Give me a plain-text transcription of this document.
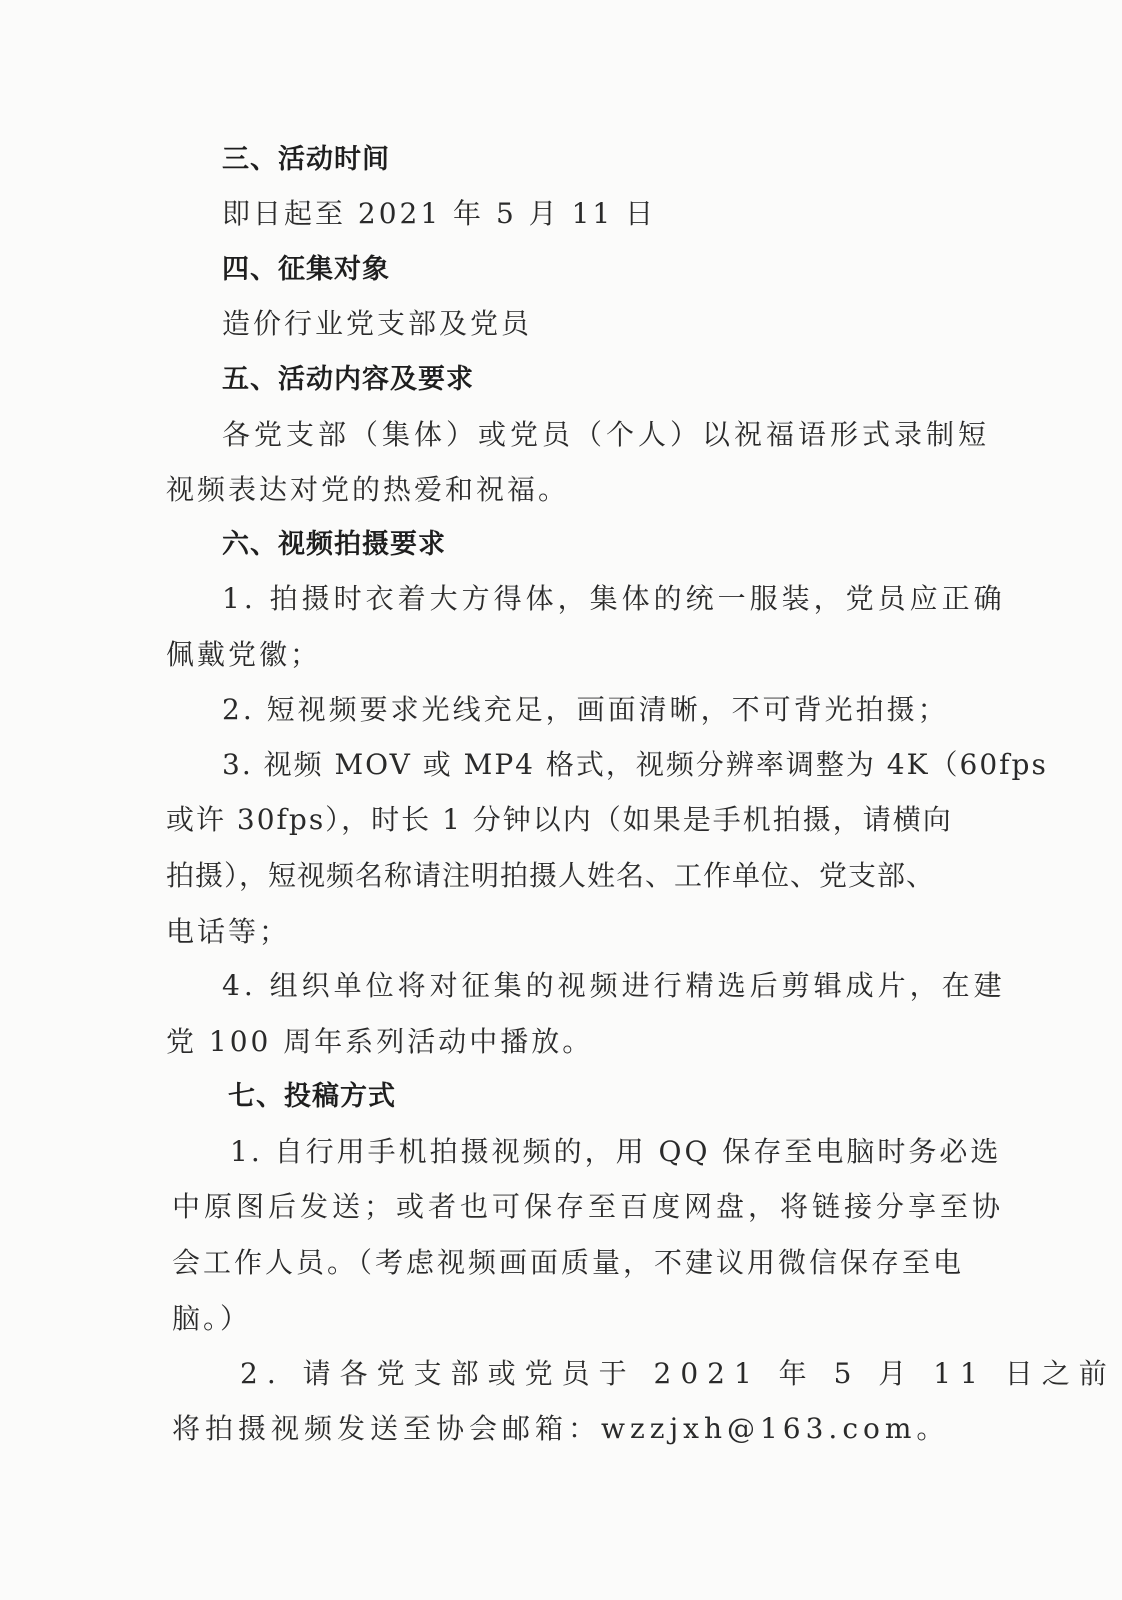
三、活动时间
即日起至 2021 年 5 月 11 日
四、征集对象
造价行业党支部及党员
五、活动内容及要求
各党支部（集体）或党员（个人）以祝福语形式录制短
视频表达对党的热爱和祝福。
六、视频拍摄要求
1. 拍摄时衣着大方得体，集体的统一服装，党员应正确
佩戴党徽；
2. 短视频要求光线充足，画面清晰，不可背光拍摄；
3. 视频 MOV 或 MP4 格式，视频分辨率调整为 4K（60fps
或许 30fps），时长 1 分钟以内（如果是手机拍摄，请横向
拍摄），短视频名称请注明拍摄人姓名、工作单位、党支部、
电话等；
4. 组织单位将对征集的视频进行精选后剪辑成片，在建
党 100 周年系列活动中播放。
七、投稿方式
1. 自行用手机拍摄视频的，用 QQ 保存至电脑时务必选
中原图后发送；或者也可保存至百度网盘，将链接分享至协
会工作人员。（考虑视频画面质量，不建议用微信保存至电
脑。）
2. 请各党支部或党员于 2021 年 5 月 11 日之前
将拍摄视频发送至协会邮箱：wzzjxh@163.com。
